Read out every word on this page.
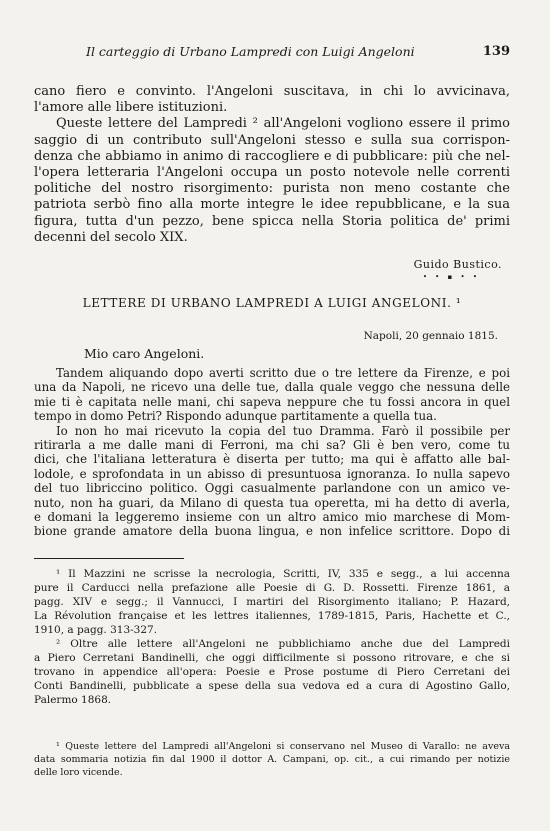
Il carteggio di Urbano Lampredi con Luigi Angeloni	139
cano fiero e convinto. l'Angeloni suscitava, in chi lo avvicinava,
l'amore alle libere istituzioni.
Queste lettere del Lampredi ² all'Angeloni vogliono essere il primo
saggio di un contributo sull'Angeloni stesso e sulla sua corrispon-
denza che abbiamo in animo di raccogliere e di pubblicare: più che nel-
l'opera letteraria l'Angeloni occupa un posto notevole nelle correnti
politiche del nostro risorgimento: purista non meno costante che
patriota serbò fino alla morte integre le idee repubblicane, e la sua
figura, tutta d'un pezzo, bene spicca nella Storia politica de' primi
decenni del secolo XIX.
Guido Bustico.
• • ▪ • •
LETTERE DI URBANO LAMPREDI A LUIGI ANGELONI. ¹
Napoli, 20 gennaio 1815.
Mio caro Angeloni.
Tandem aliquando dopo averti scritto due o tre lettere da Firenze, e poi
una da Napoli, ne ricevo una delle tue, dalla quale veggo che nessuna delle
mie ti è capitata nelle mani, chi sapeva neppure che tu fossi ancora in quel
tempo in domo Petri? Rispondo adunque partitamente a quella tua.
Io non ho mai ricevuto la copia del tuo Dramma. Farò il possibile per
ritirarla a me dalle mani di Ferroni, ma chi sa? Gli è ben vero, come tu
dici, che l'italiana letteratura è diserta per tutto; ma qui è affatto alle bal-
lodole, e sprofondata in un abisso di presuntuosa ignoranza. Io nulla sapevo
del tuo libriccino politico. Oggi casualmente parlandone con un amico ve-
nuto, non ha guari, da Milano di questa tua operetta, mi ha detto di averla,
e domani la leggeremo insieme con un altro amico mio marchese di Mom-
bione grande amatore della buona lingua, e non infelice scrittore. Dopo di
¹ Il Mazzini ne scrisse la necrologia, Scritti, IV, 335 e segg., a lui accenna
pure il Carducci nella prefazione alle Poesie di G. D. Rossetti. Firenze 1861, a
pagg. XIV e segg.; il Vannucci, I martiri del Risorgimento italiano; P. Hazard,
La Révolution française et les lettres italiennes, 1789-1815, Paris, Hachette et C.,
1910, a pagg. 313-327.
² Oltre alle lettere all'Angeloni ne pubblichiamo anche due del Lampredi
a Piero Cerretani Bandinelli, che oggi difficilmente si possono ritrovare, e che si
trovano in appendice all'opera: Poesie e Prose postume di Piero Cerretani dei
Conti Bandinelli, pubblicate a spese della sua vedova ed a cura di Agostino Gallo,
Palermo 1868.
¹ Queste lettere del Lampredi all'Angeloni si conservano nel Museo di Varallo: ne aveva
data sommaria notizia fin dal 1900 il dottor A. Campani, op. cit., a cui rimando per notizie
delle loro vicende.
